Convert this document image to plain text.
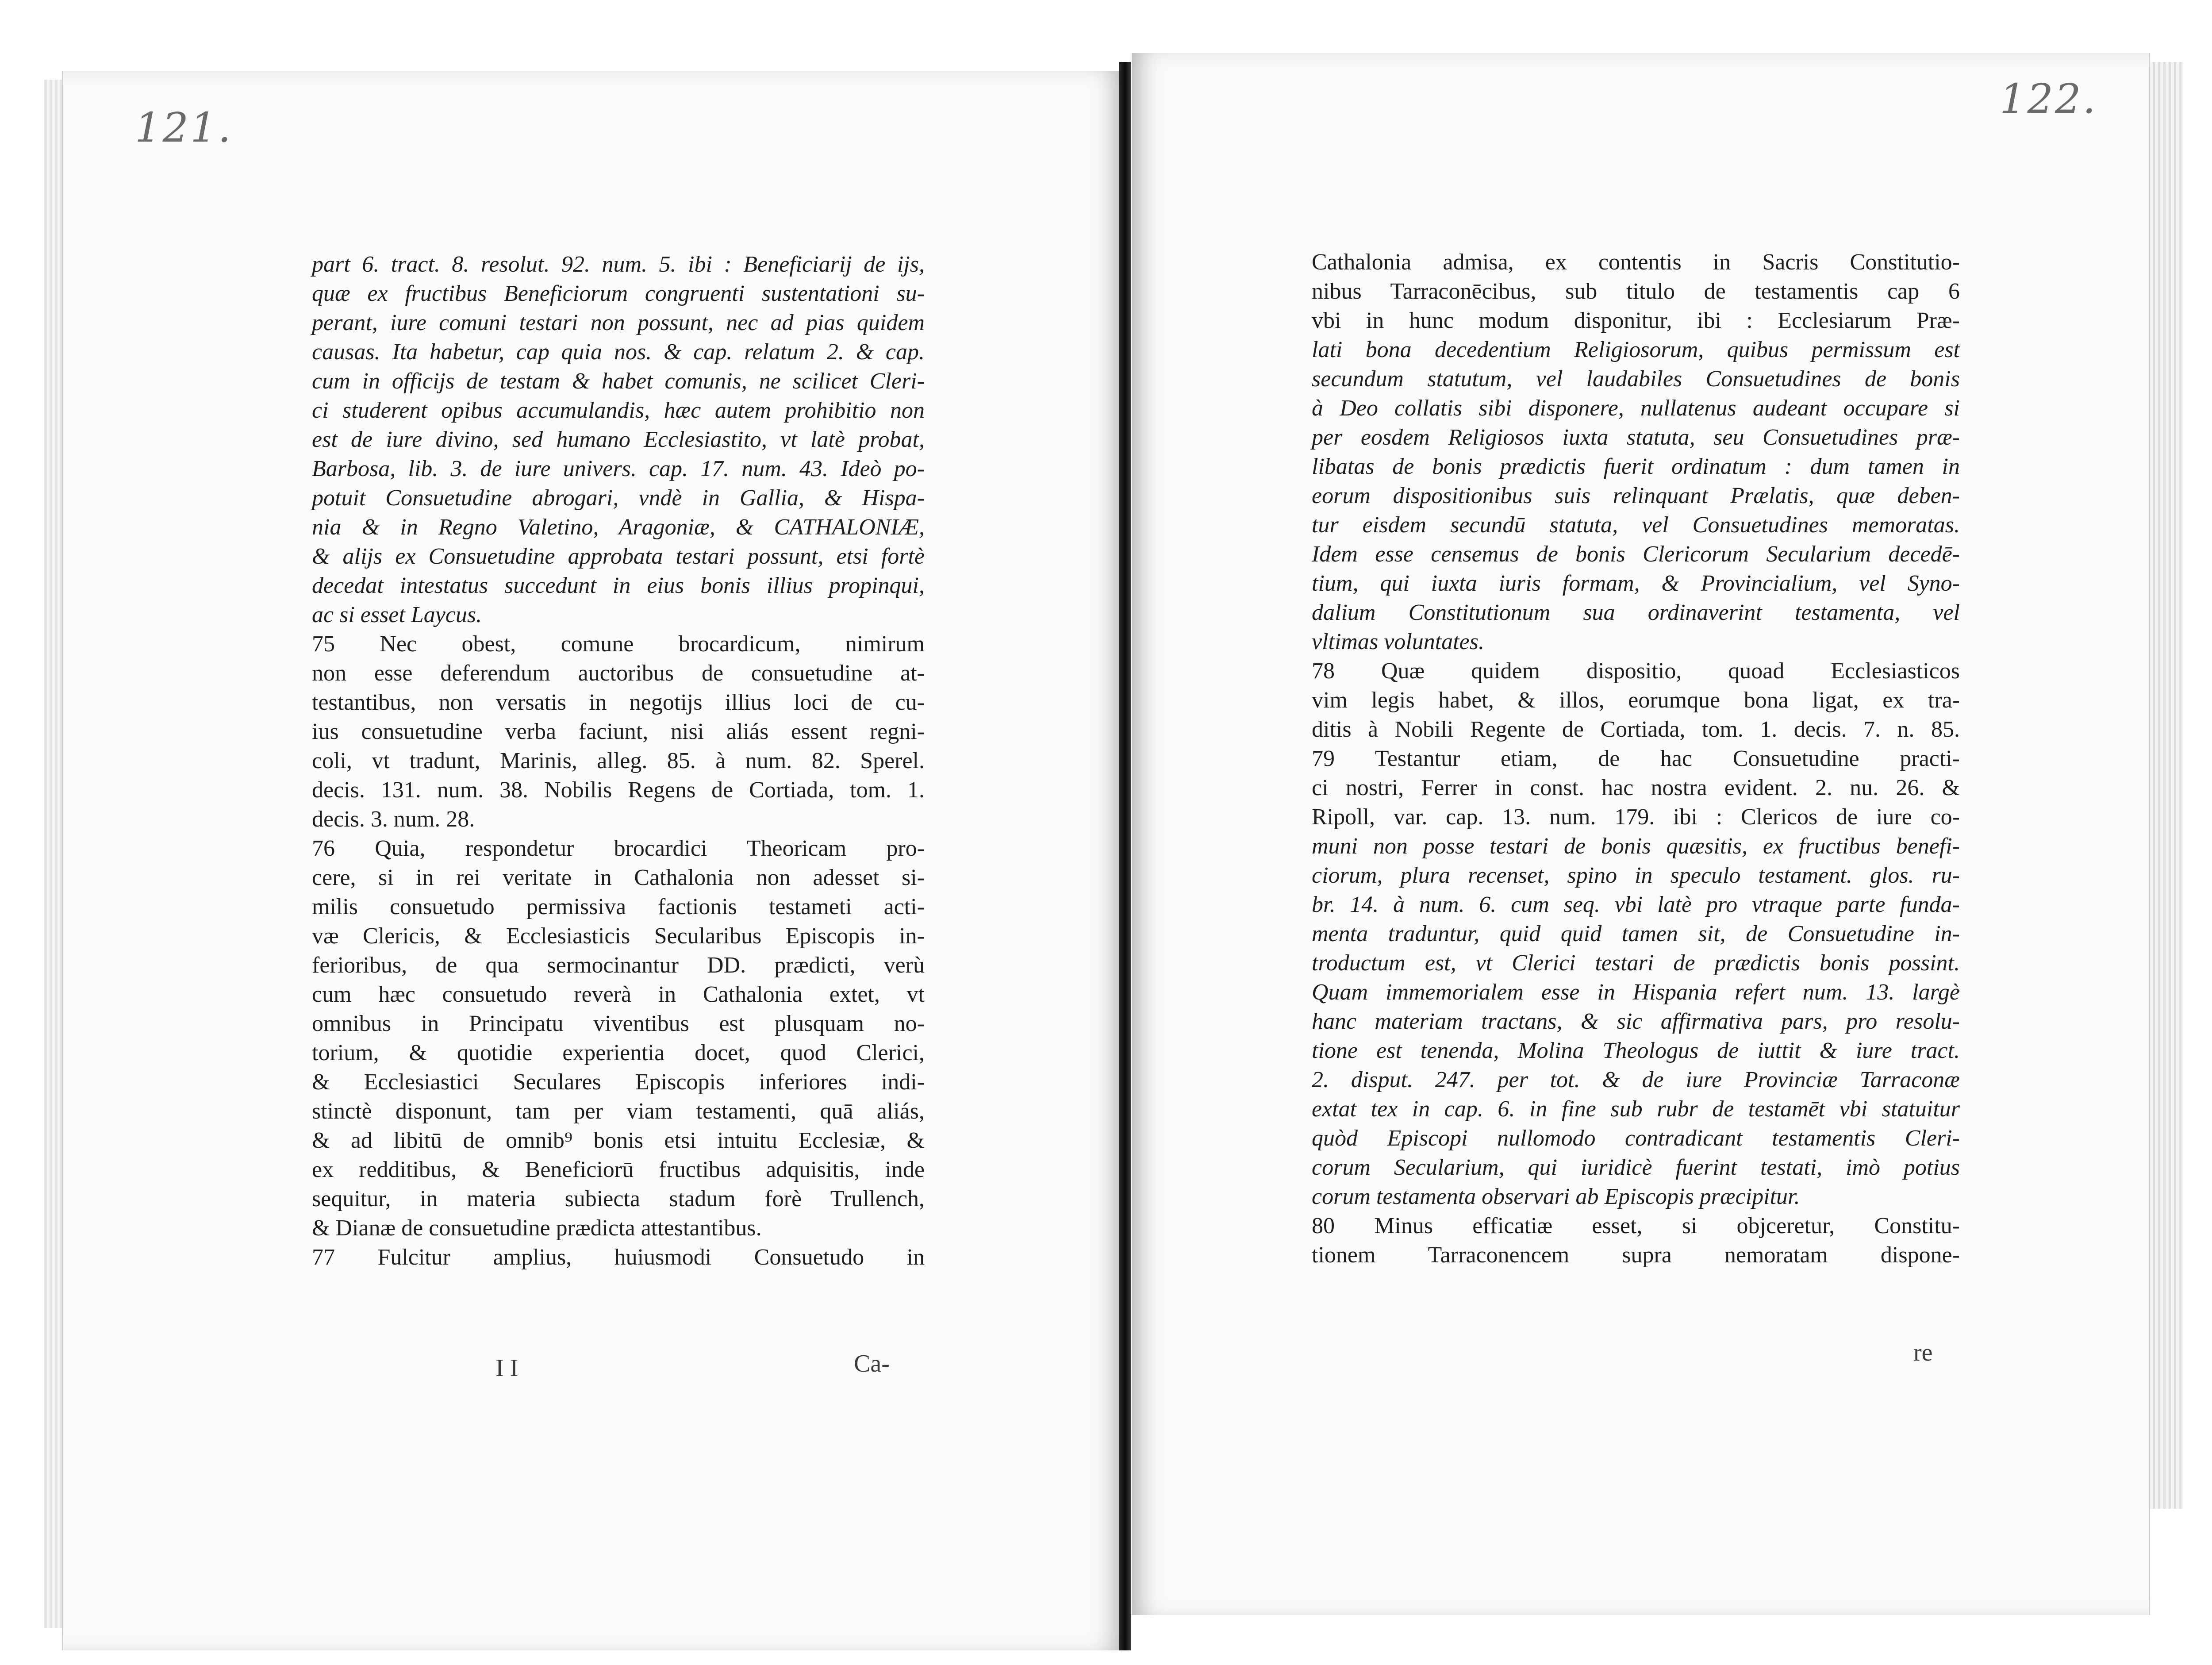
121.
122.
part 6. tract. 8. resolut. 92. num. 5. ibi : Beneficiarij de ijs,
quæ ex fructibus Beneficiorum congruenti sustentationi su-
perant, iure comuni testari non possunt, nec ad pias quidem
causas. Ita habetur, cap quia nos. & cap. relatum 2. & cap.
cum in officijs de testam & habet comunis, ne scilicet Cleri-
ci studerent opibus accumulandis, hæc autem prohibitio non
est de iure divino, sed humano Ecclesiastito, vt latè probat,
Barbosa, lib. 3. de iure univers. cap. 17. num. 43. Ideò po-
potuit Consuetudine abrogari, vndè in Gallia, & Hispa-
nia & in Regno Valetino, Aragoniæ, & CATHALONIÆ,
& alijs ex Consuetudine approbata testari possunt, etsi fortè
decedat intestatus succedunt in eius bonis illius propinqui,
ac si esset Laycus.
75 Nec obest, comune brocardicum, nimirum
non esse deferendum auctoribus de consuetudine at-
testantibus, non versatis in negotijs illius loci de cu-
ius consuetudine verba faciunt, nisi aliás essent regni-
coli, vt tradunt, Marinis, alleg. 85. à num. 82. Sperel.
decis. 131. num. 38. Nobilis Regens de Cortiada, tom. 1.
decis. 3. num. 28.
76 Quia, respondetur brocardici Theoricam pro-
cere, si in rei veritate in Cathalonia non adesset si-
milis consuetudo permissiva factionis testameti acti-
væ Clericis, & Ecclesiasticis Secularibus Episcopis in-
ferioribus, de qua sermocinantur DD. prædicti, verù
cum hæc consuetudo reverà in Cathalonia extet, vt
omnibus in Principatu viventibus est plusquam no-
torium, & quotidie experientia docet, quod Clerici,
& Ecclesiastici Seculares Episcopis inferiores indi-
stinctè disponunt, tam per viam testamenti, quā aliás,
& ad libitū de omnib⁹ bonis etsi intuitu Ecclesiæ, &
ex redditibus, & Beneficiorū fructibus adquisitis, inde
sequitur, in materia subiecta stadum forè Trullench,
& Dianæ de consuetudine prædicta attestantibus.
77 Fulcitur amplius, huiusmodi Consuetudo in
Cathalonia admisa, ex contentis in Sacris Constitutio-
nibus Tarraconēcibus, sub titulo de testamentis cap 6
vbi in hunc modum disponitur, ibi : Ecclesiarum Præ-
lati bona decedentium Religiosorum, quibus permissum est
secundum statutum, vel laudabiles Consuetudines de bonis
à Deo collatis sibi disponere, nullatenus audeant occupare si
per eosdem Religiosos iuxta statuta, seu Consuetudines præ-
libatas de bonis prædictis fuerit ordinatum : dum tamen in
eorum dispositionibus suis relinquant Prælatis, quæ deben-
tur eisdem secundū statuta, vel Consuetudines memoratas.
Idem esse censemus de bonis Clericorum Secularium decedē-
tium, qui iuxta iuris formam, & Provincialium, vel Syno-
dalium Constitutionum sua ordinaverint testamenta, vel
vltimas voluntates.
78 Quæ quidem dispositio, quoad Ecclesiasticos
vim legis habet, & illos, eorumque bona ligat, ex tra-
ditis à Nobili Regente de Cortiada, tom. 1. decis. 7. n. 85.
79 Testantur etiam, de hac Consuetudine practi-
ci nostri, Ferrer in const. hac nostra evident. 2. nu. 26. &
Ripoll, var. cap. 13. num. 179. ibi : Clericos de iure co-
muni non posse testari de bonis quæsitis, ex fructibus benefi-
ciorum, plura recenset, spino in speculo testament. glos. ru-
br. 14. à num. 6. cum seq. vbi latè pro vtraque parte funda-
menta traduntur, quid quid tamen sit, de Consuetudine in-
troductum est, vt Clerici testari de prædictis bonis possint.
Quam immemorialem esse in Hispania refert num. 13. largè
hanc materiam tractans, & sic affirmativa pars, pro resolu-
tione est tenenda, Molina Theologus de iuttit & iure tract.
2. disput. 247. per tot. & de iure Provinciæ Tarraconæ
extat tex in cap. 6. in fine sub rubr de testamēt vbi statuitur
quòd Episcopi nullomodo contradicant testamentis Cleri-
corum Secularium, qui iuridicè fuerint testati, imò potius
corum testamenta observari ab Episcopis præcipitur.
80 Minus efficatiæ esset, si objceretur, Constitu-
tionem Tarraconencem supra nemoratam dispone-
I I	Ca-	re
